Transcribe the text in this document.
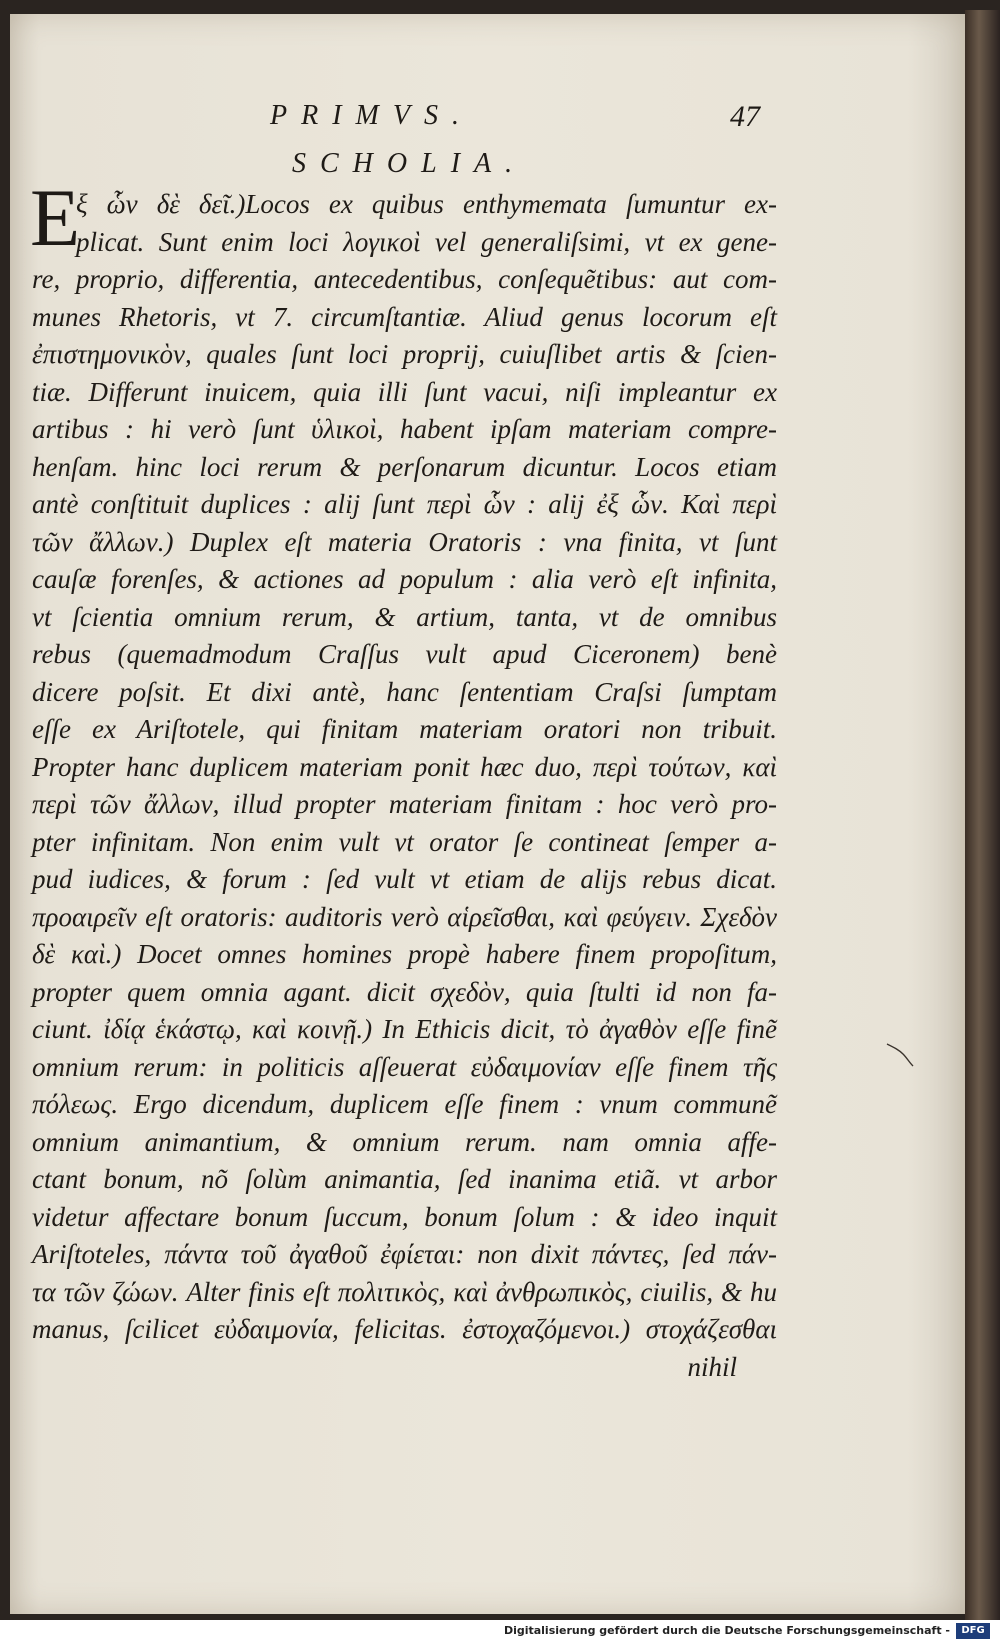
PRIMVS.	47
SCHOLIA.
E
ξ ὧν δὲ δεῖ.)Locos ex quibus enthymemata ſumuntur ex-
plicat. Sunt enim loci λογικοὶ vel generaliſsimi, vt ex gene-
re, proprio, differentia, antecedentibus, conſequẽtibus: aut com-
munes Rhetoris, vt 7. circumſtantiæ. Aliud genus locorum eſt
ἐπιστημονικὸν, quales ſunt loci proprij, cuiuſlibet artis & ſcien-
tiæ. Differunt inuicem, quia illi ſunt vacui, niſi impleantur ex
artibus : hi verò ſunt ὑλικοὶ, habent ipſam materiam compre-
henſam. hinc loci rerum & perſonarum dicuntur. Locos etiam
antè conſtituit duplices : alij ſunt περὶ ὧν : alij ἐξ ὧν. Καὶ περὶ
τῶν ἄλλων.) Duplex eſt materia Oratoris : vna finita, vt ſunt
cauſæ forenſes, & actiones ad populum : alia verò eſt infinita,
vt ſcientia omnium rerum, & artium, tanta, vt de omnibus
rebus (quemadmodum Craſſus vult apud Ciceronem) benè
dicere poſsit. Et dixi antè, hanc ſententiam Craſsi ſumptam
eſſe ex Ariſtotele, qui finitam materiam oratori non tribuit.
Propter hanc duplicem materiam ponit hæc duo, περὶ τούτων, καὶ
περὶ τῶν ἄλλων, illud propter materiam finitam : hoc verò pro-
pter infinitam. Non enim vult vt orator ſe contineat ſemper a-
pud iudices, & forum : ſed vult vt etiam de alijs rebus dicat.
προαιρεῖν eſt oratoris: auditoris verò αἱρεῖσθαι, καὶ φεύγειν. Σχεδὸν
δὲ καὶ.) Docet omnes homines propè habere finem propoſitum,
propter quem omnia agant. dicit σχεδὸν, quia ſtulti id non fa-
ciunt. ἰδίᾳ ἑκάστῳ, καὶ κοινῇ.) In Ethicis dicit, τὸ ἀγαθὸν eſſe finẽ
omnium rerum: in politicis aſſeuerat εὐδαιμονίαν eſſe finem τῆς
πόλεως. Ergo dicendum, duplicem eſſe finem : vnum communẽ
omnium animantium, & omnium rerum. nam omnia affe-
ctant bonum, nõ ſolùm animantia, ſed inanima etiã. vt arbor
videtur affectare bonum ſuccum, bonum ſolum : & ideo inquit
Ariſtoteles, πάντα τοῦ ἀγαθοῦ ἐφίεται: non dixit πάντες, ſed πάν-
τα τῶν ζώων. Alter finis eſt πολιτικὸς, καὶ ἀνθρωπικὸς, ciuilis, & hu
manus, ſcilicet εὐδαιμονία, felicitas. ἐστοχαζόμενοι.) στοχάζεσθαι
nihil
Digitalisierung gefördert durch die Deutsche Forschungsgemeinschaft -	DFG
